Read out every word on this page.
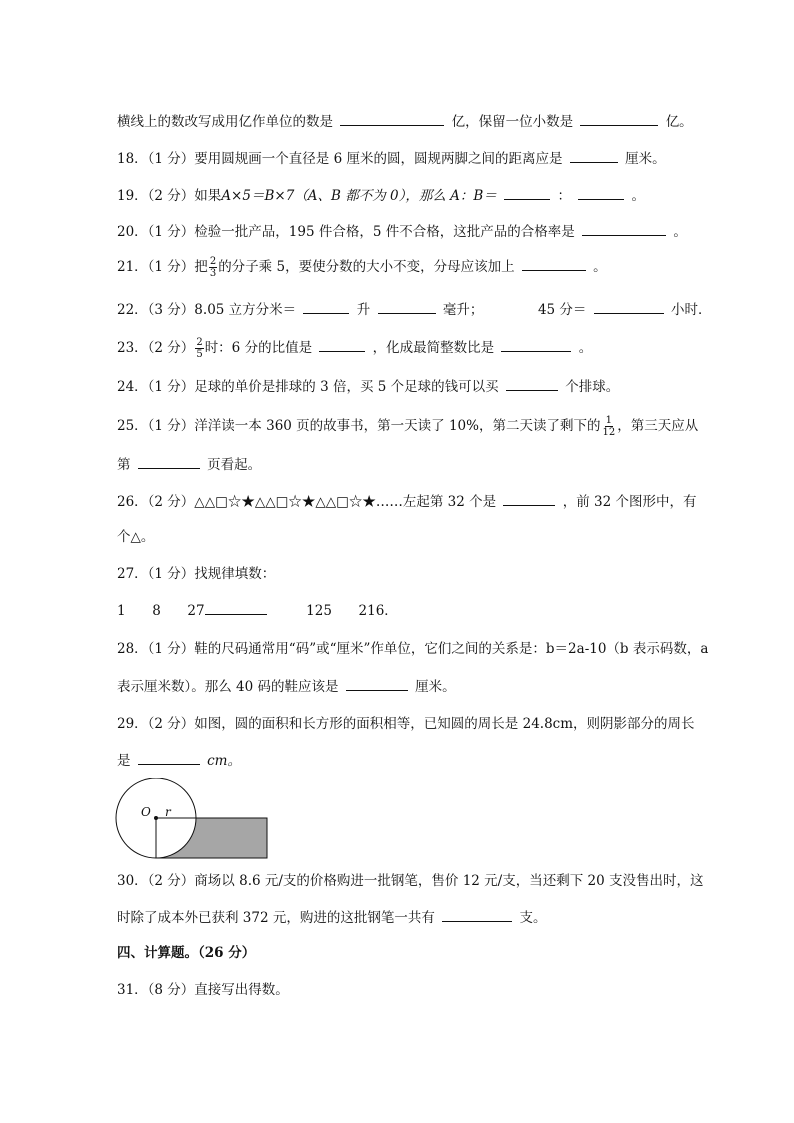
横线上的数改写成用亿作单位的数是	亿，保留一位小数是	亿。
18．（1 分）要用圆规画一个直径是 6 厘米的圆，圆规两脚之间的距离应是	厘米。
19．（2 分）如果A×5＝B×7（A、B 都不为 0），那么 A：B＝	：	。
20．（1 分）检验一批产品，195 件合格，5 件不合格，这批产品的合格率是	。
21．（1 分）把 $\frac{2}{3}$ 的分子乘 5，要使分数的大小不变，分母应该加上	。
22．（3 分）8.05 立方分米＝	升	毫升；	45 分＝	小时．
23．（2 分） $\frac{2}{5}$ 时：6 分的比值是	，化成最简整数比是	。
24．（1 分）足球的单价是排球的 3 倍，买 5 个足球的钱可以买	个排球。
25．（1 分）洋洋读一本 360 页的故事书，第一天读了 10%，第二天读了剩下的 $\frac{1}{12}$ ，第三天应从
第	页看起。
26．（2 分）△△□☆★△△□☆★△△□☆★……左起第 32 个是	，前 32 个图形中，有
个△。
27．（1 分）找规律填数：
1 8 27	125 216．
28．（1 分）鞋的尺码通常用“码”或“厘米”作单位，它们之间的关系是：b＝2a-10（b 表示码数，a
表示厘米数）。那么 40 码的鞋应该是	厘米。
29．（2 分）如图，圆的面积和长方形的面积相等，已知圆的周长是 24.8cm，则阴影部分的周长
是	cm。
O r
30．（2 分）商场以 8.6 元/支的价格购进一批钢笔，售价 12 元/支，当还剩下 20 支没售出时，这
时除了成本外已获利 372 元，购进的这批钢笔一共有	支。
四、计算题。（26 分）
31．（8 分）直接写出得数。
